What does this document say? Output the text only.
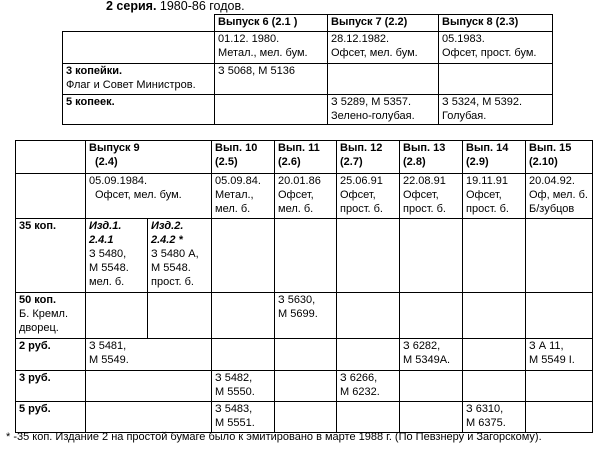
2 серия. 1980-86 годов.
	Выпуск 6 (2.1 )	Выпуск 7 (2.2)	Выпуск 8 (2.3)

	01.12. 1980.
Метал., мел. бум.	28.12.1982.
Офсет, мел. бум.	05.1983.
Офсет, прост. бум.

3 копейки.
Флаг и Совет Министров.	З 5068, М 5136		

5 копеек.		З 5289, М 5357.
Зелено-голубая.	З 5324, М 5392.
Голубая.

	Выпуск 9
(2.4)		Вып. 10
(2.5)	Вып. 11
(2.6)	Вып. 12
(2.7)	Вып. 13
(2.8)	Вып. 14
(2.9)	Вып. 15
(2.10)

	05.09.1984.
Офсет, мел. бум.		05.09.84.
Метал.,
мел. б.	20.01.86
Офсет,
мел. б.	25.06.91
Офсет,
прост. б.	22.08.91
Офсет,
прост. б.	19.11.91
Офсет,
прост. б.	20.04.92.
Оф, мел. б.
Б/зубцов

35 коп.	Изд.1.
2.4.1
З 5480,
М 5548.
мел. б.	Изд.2.
2.4.2 *
З 5480 А,
М 5548.
прост. б.						

50 коп.
Б. Кремл.
дворец.				З 5630,
М 5699.				

2 руб.	З 5481,
М 5549.					З 6282,
М 5349А.		З А 11,
М 5549 I.

3 руб.			З 5482,
М 5550.		З 6266,
М 6232.			

5 руб.			З 5483,
М 5551.				З 6310,
М 6375.	

* -35 коп. Издание 2 на простой бумаге было к эмитировано в марте 1988 г. (По Певзнеру и Загорскому).
